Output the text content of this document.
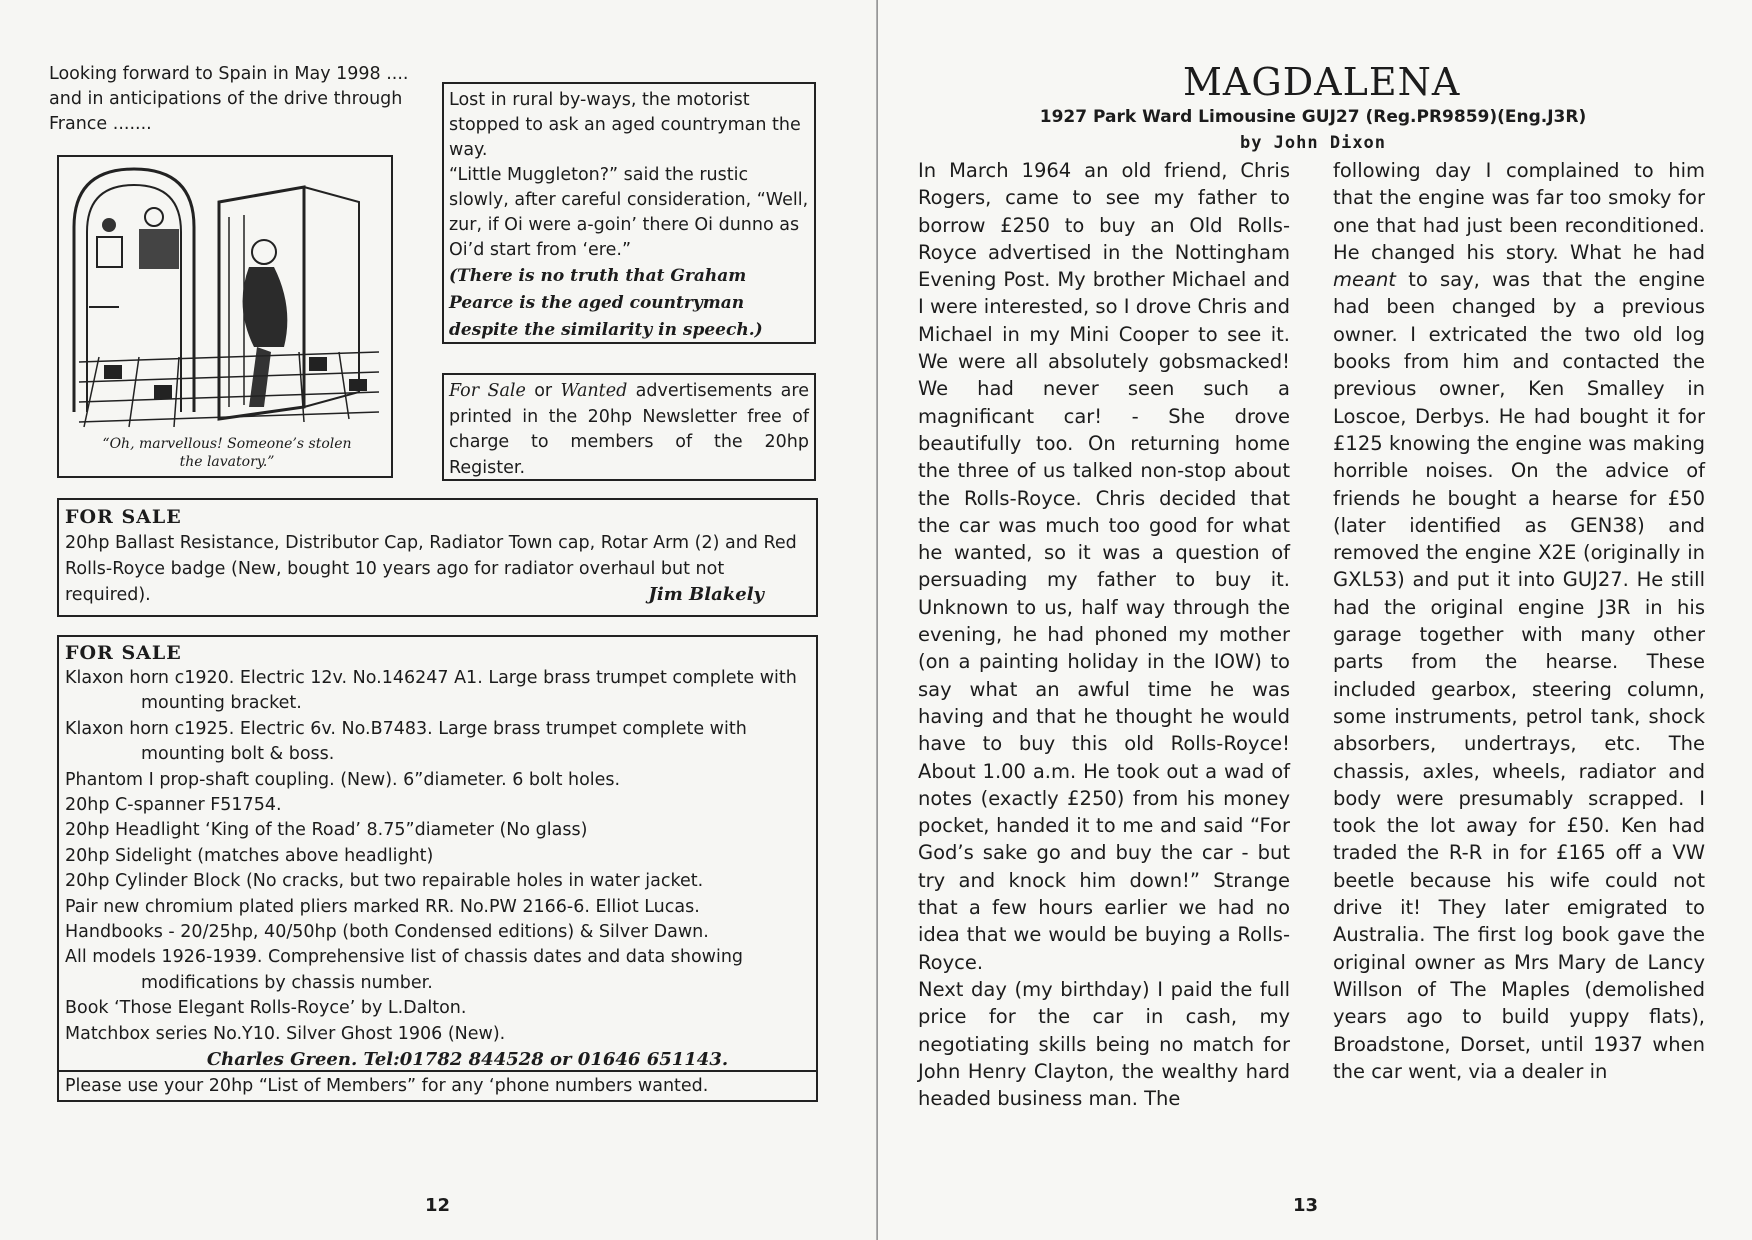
Looking forward to Spain in May 1998 .... and in anticipations of the drive through France .......
“Oh, marvellous! Someone’s stolen
the lavatory.”
Lost in rural by-ways, the motorist stopped to ask an aged countryman the way.
“Little Muggleton?” said the rustic slowly, after careful consideration, “Well, zur, if Oi were a-goin’ there Oi dunno as Oi’d start from ‘ere.”
(There is no truth that Graham Pearce is the aged countryman despite the similarity in speech.)
For Sale or Wanted advertisements are printed in the 20hp Newsletter free of charge to members of the 20hp Register.
FOR SALE
20hp Ballast Resistance, Distributor Cap, Radiator Town cap, Rotar Arm (2) and Red Rolls-Royce badge (New, bought 10 years ago for radiator overhaul but not required).	Jim Blakely
FOR SALE
Klaxon horn c1920. Electric 12v. No.146247 A1. Large brass trumpet complete with mounting bracket.
Klaxon horn c1925. Electric 6v. No.B7483. Large brass trumpet complete with mounting bolt & boss.
Phantom I prop-shaft coupling. (New). 6”diameter. 6 bolt holes.
20hp C-spanner F51754.
20hp Headlight ‘King of the Road’ 8.75”diameter (No glass)
20hp Sidelight (matches above headlight)
20hp Cylinder Block (No cracks, but two repairable holes in water jacket.
Pair new chromium plated pliers marked RR. No.PW 2166-6. Elliot Lucas.
Handbooks - 20/25hp, 40/50hp (both Condensed editions) & Silver Dawn.
All models 1926-1939. Comprehensive list of chassis dates and data showing modifications by chassis number.
Book ‘Those Elegant Rolls-Royce’ by L.Dalton.
Matchbox series No.Y10. Silver Ghost 1906 (New).
Charles Green. Tel:01782 844528 or 01646 651143.
Please use your 20hp “List of Members” for any ‘phone numbers wanted.
12
MAGDALENA
1927 Park Ward Limousine GUJ27 (Reg.PR9859)(Eng.J3R)
by John Dixon

In March 1964 an old friend, Chris Rogers, came to see my father to borrow £250 to buy an Old Rolls-Royce advertised in the Nottingham Evening Post. My brother Michael and I were interested, so I drove Chris and Michael in my Mini Cooper to see it. We were all absolutely gobsmacked! We had never seen such a magnificant car! - She drove beautifully too. On returning home the three of us talked non-stop about the Rolls-Royce. Chris decided that the car was much too good for what he wanted, so it was a question of persuading my father to buy it. Unknown to us, half way through the evening, he had phoned my mother (on a painting holiday in the IOW) to say what an awful time he was having and that he thought he would have to buy this old Rolls-Royce! About 1.00 a.m. He took out a wad of notes (exactly £250) from his money pocket, handed it to me and said “For God’s sake go and buy the car - but try and knock him down!” Strange that a few hours earlier we had no idea that we would be buying a Rolls-Royce.

Next day (my birthday) I paid the full price for the car in cash, my negotiating skills being no match for John Henry Clayton, the wealthy hard headed business man. The

following day I complained to him that the engine was far too smoky for one that had just been reconditioned. He changed his story. What he had meant to say, was that the engine had been changed by a previous owner. I extricated the two old log books from him and contacted the previous owner, Ken Smalley in Loscoe, Derbys. He had bought it for £125 knowing the engine was making horrible noises. On the advice of friends he bought a hearse for £50 (later identified as GEN38) and removed the engine X2E (originally in GXL53) and put it into GUJ27. He still had the original engine J3R in his garage together with many other parts from the hearse. These included gearbox, steering column, some instruments, petrol tank, shock absorbers, undertrays, etc. The chassis, axles, wheels, radiator and body were presumably scrapped. I took the lot away for £50. Ken had traded the R-R in for £165 off a VW beetle because his wife could not drive it! They later emigrated to Australia. The first log book gave the original owner as Mrs Mary de Lancy Willson of The Maples (demolished years ago to build yuppy flats), Broadstone, Dorset, until 1937 when the car went, via a dealer in

13
